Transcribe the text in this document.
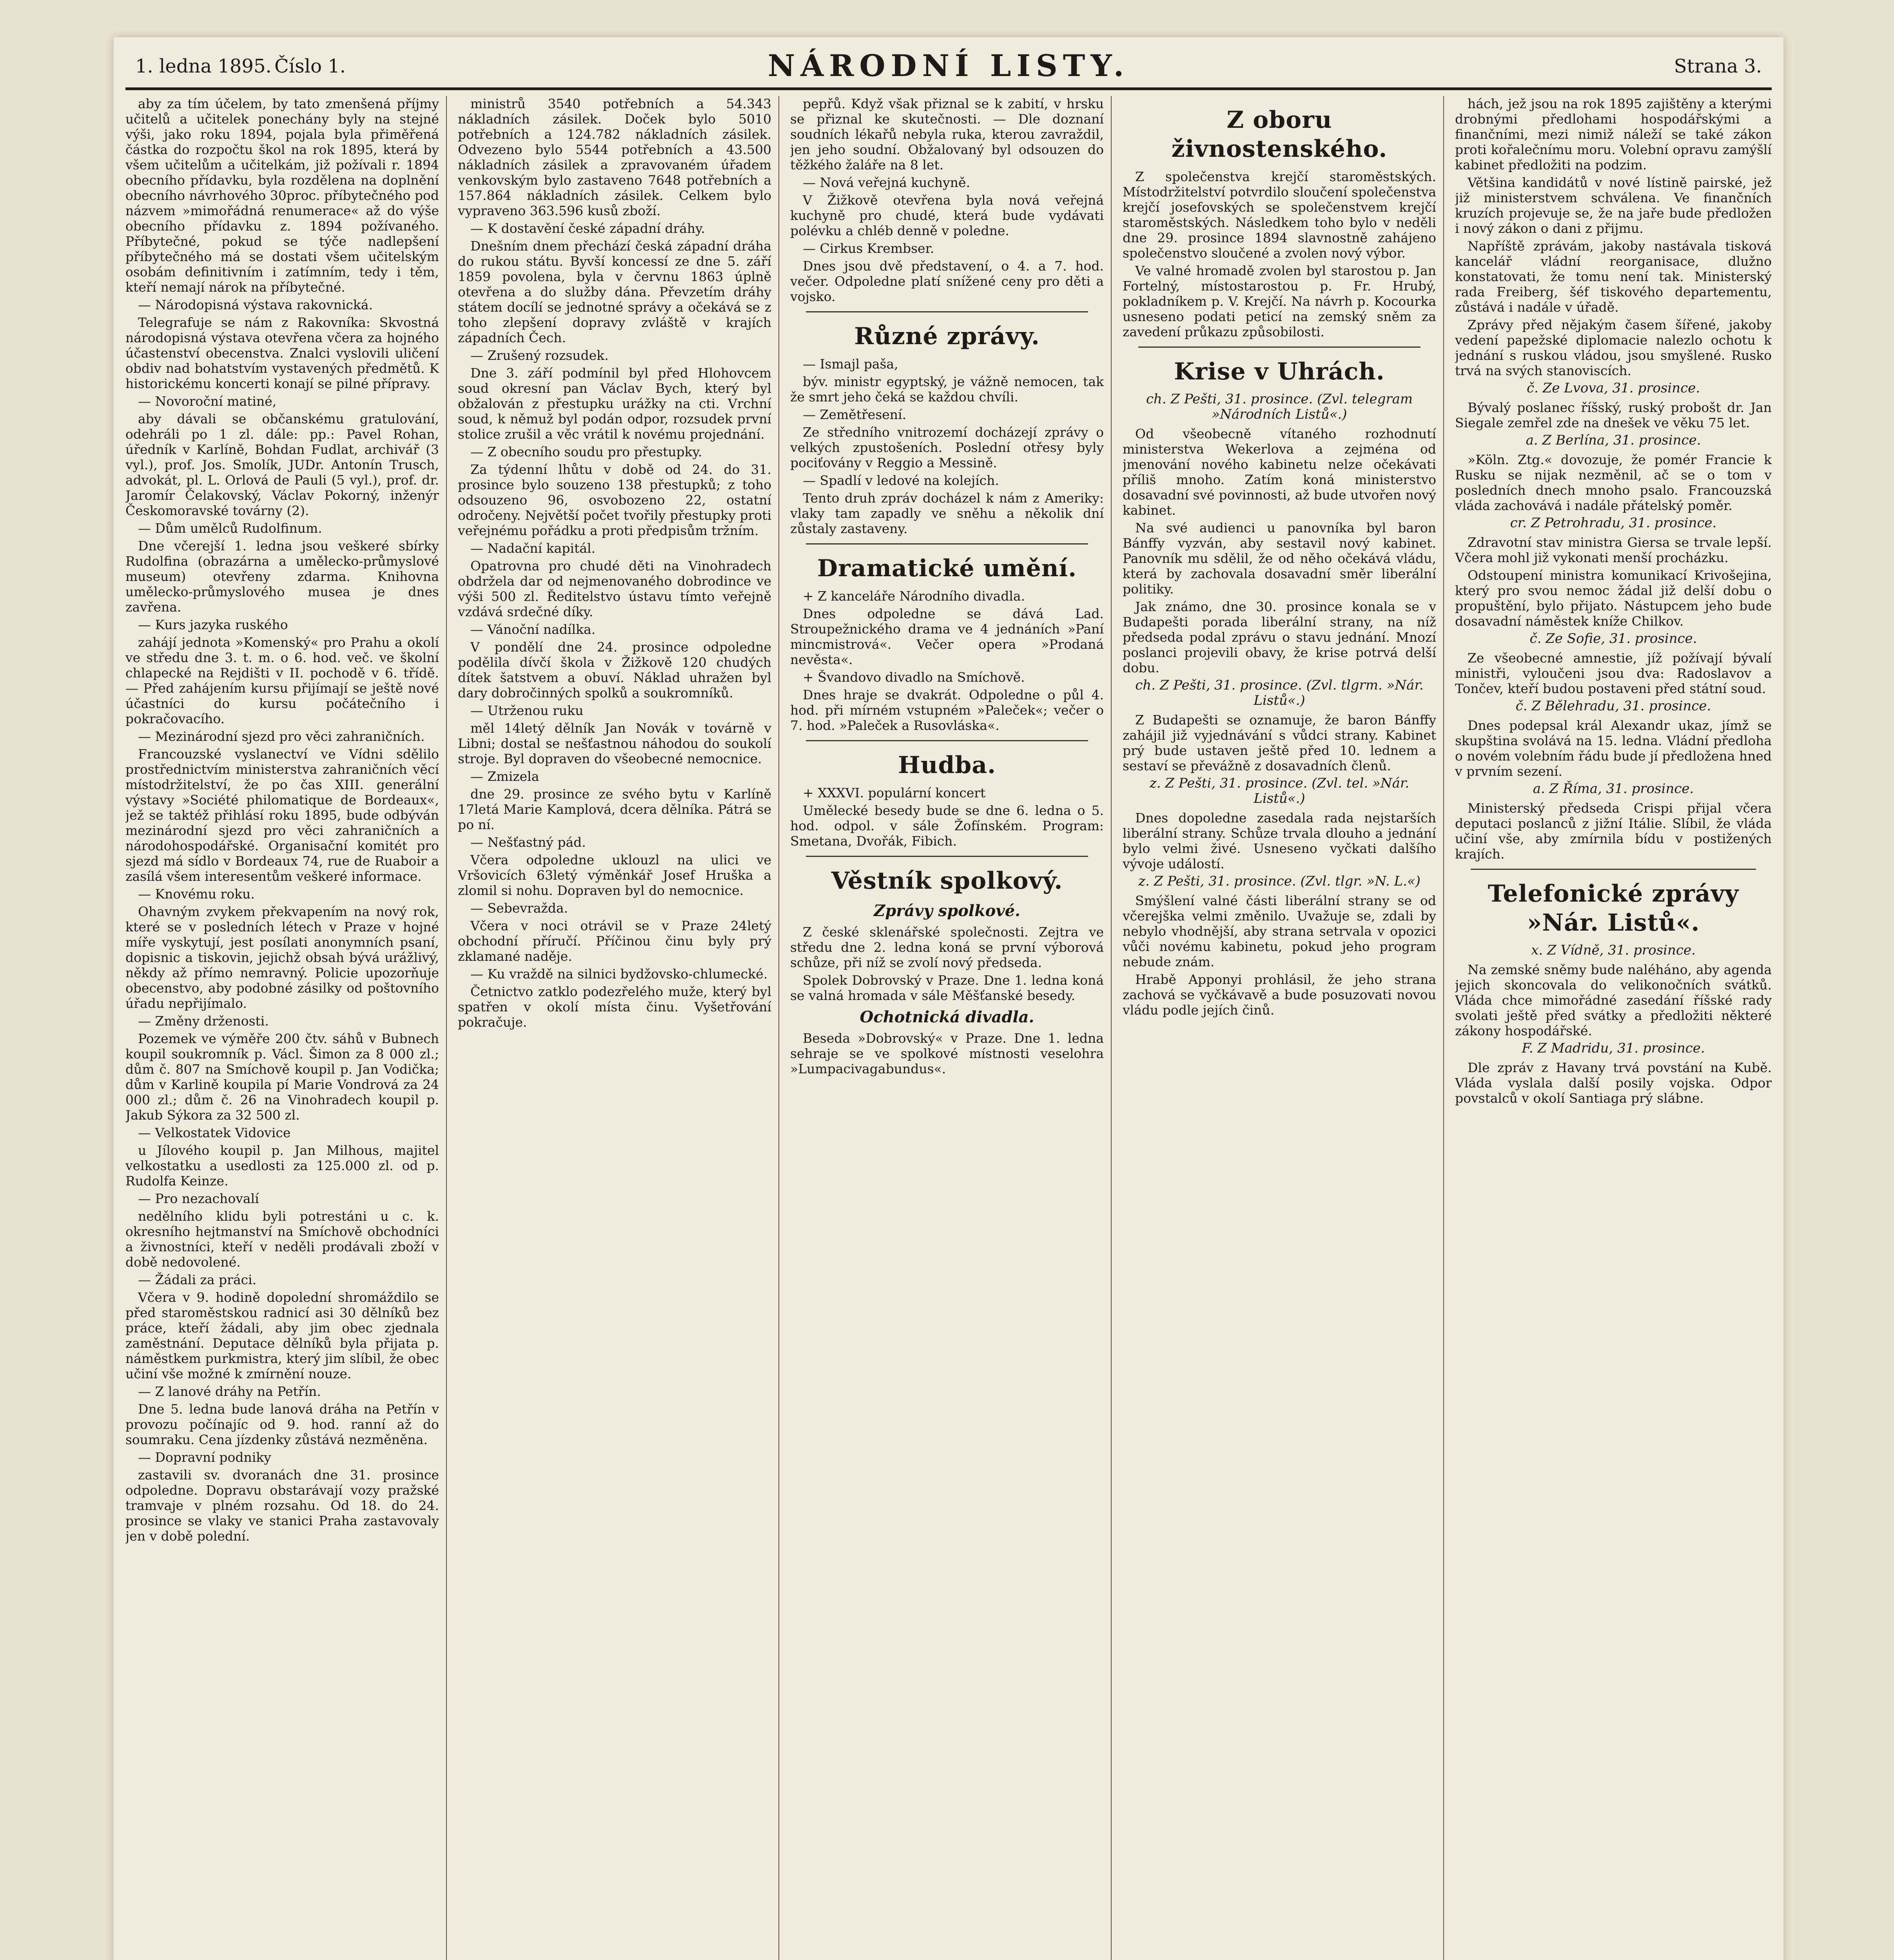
1. ledna 1895. Číslo 1.	NÁRODNÍ LISTY.	Strana 3.

aby za tím účelem, by tato zmenšená příjmy učitelů a učitelek ponechány byly na stejné výši, jako roku 1894, pojala byla přiměřená částka do rozpočtu škol na rok 1895, která by všem učitelům a učitelkám, již požívali r. 1894 obecního přídavku, byla rozdělena na doplnění obecního návrhového 30proc. příbytečného pod názvem »mimořádná renumerace« až do výše obecního přídavku z. 1894 požívaného. Příbytečné, pokud se týče nadlepšení příbytečného má se dostati všem učitelským osobám definitivním i zatímním, tedy i těm, kteří nemají nárok na příbytečné.

— Národopisná výstava rakovnická.

Telegrafuje se nám z Rakovníka: Skvostná národopisná výstava otevřena včera za hojného účastenství obecenstva. Znalci vyslovili uličení obdiv nad bohatstvím vystavených předmětů. K historickému koncerti konají se pilné přípravy.

— Novoroční matiné,

aby dávali se občanskému gratulování, odehráli po 1 zl. dále: pp.: Pavel Rohan, úředník v Karlíně, Bohdan Fudlat, archivář (3 vyl.), prof. Jos. Smolík, JUDr. Antonín Trusch, advokát, pl. L. Orlová de Pauli (5 vyl.), prof. dr. Jaromír Čelakovský, Václav Pokorný, inženýr Českomoravské továrny (2).

— Dům umělců Rudolfinum.

Dne včerejší 1. ledna jsou veškeré sbírky Rudolfina (obrazárna a umělecko-průmyslové museum) otevřeny zdarma. Knihovna umělecko-průmyslového musea je dnes zavřena.

— Kurs jazyka ruského

zahájí jednota »Komenský« pro Prahu a okolí ve středu dne 3. t. m. o 6. hod. več. ve školní chlapecké na Rejdišti v II. pochodě v 6. třídě. — Před zahájením kursu přijímají se ještě nové účastníci do kursu počátečního i pokračovacího.

— Mezinárodní sjezd pro věci zahraničních.

Francouzské vyslanectví ve Vídni sdělilo prostřednictvím ministerstva zahraničních věcí místodržitelství, že po čas XIII. generální výstavy »Société philomatique de Bordeaux«, jež se taktéž přihlásí roku 1895, bude odbýván mezinárodní sjezd pro věci zahraničních a národohospodářské. Organisační komitét pro sjezd má sídlo v Bordeaux 74, rue de Ruaboir a zasílá všem interesentům veškeré informace.

— Knovému roku.

Ohavným zvykem překvapením na nový rok, které se v posledních létech v Praze v hojné míře vyskytují, jest posílati anonymních psaní, dopisnic a tiskovin, jejichž obsah bývá urážlivý, někdy až přímo nemravný. Policie upozorňuje obecenstvo, aby podobné zásilky od poštovního úřadu nepřijímalo.

— Změny drženosti.

Pozemek ve výměře 200 čtv. sáhů v Bubnech koupil soukromník p. Václ. Šimon za 8 000 zl.; dům č. 807 na Smíchově koupil p. Jan Vodička; dům v Karlině koupila pí Marie Vondrová za 24 000 zl.; dům č. 26 na Vinohradech koupil p. Jakub Sýkora za 32 500 zl.

— Velkostatek Vidovice

u Jílového koupil p. Jan Milhous, majitel velkostatku a usedlosti za 125.000 zl. od p. Rudolfa Keinze.

— Pro nezachovalí

nedělního klidu byli potrestáni u c. k. okresního hejtmanství na Smíchově obchodníci a živnostníci, kteří v neděli prodávali zboží v době nedovolené.

— Žádali za práci.

Včera v 9. hodině dopolední shromáždilo se před staroměstskou radnicí asi 30 dělníků bez práce, kteří žádali, aby jim obec zjednala zaměstnání. Deputace dělníků byla přijata p. náměstkem purkmistra, který jim slíbil, že obec učiní vše možné k zmírnění nouze.

— Z lanové dráhy na Petřín.

Dne 5. ledna bude lanová dráha na Petřín v provozu počínajíc od 9. hod. ranní až do soumraku. Cena jízdenky zůstává nezměněna.

— Dopravní podniky

zastavili sv. dvoranách dne 31. prosince odpoledne. Dopravu obstarávají vozy pražské tramvaje v plném rozsahu. Od 18. do 24. prosince se vlaky ve stanici Praha zastavovaly jen v době polední.

ministrů 3540 potřebních a 54.343 nákladních zásilek. Doček bylo 5010 potřebních a 124.782 nákladních zásilek. Odvezeno bylo 5544 potřebních a 43.500 nákladních zásilek a zpravovaném úřadem venkovským bylo zastaveno 7648 potřebních a 157.864 nákladních zásilek. Celkem bylo vypraveno 363.596 kusů zboží.

— K dostavění české západní dráhy.

Dnešním dnem přechází česká západní dráha do rukou státu. Byvší koncessí ze dne 5. září 1859 povolena, byla v červnu 1863 úplně otevřena a do služby dána. Převzetím dráhy státem docílí se jednotné správy a očekává se z toho zlepšení dopravy zvláště v krajích západních Čech.

— Zrušený rozsudek.

Dne 3. září podmínil byl před Hlohovcem soud okresní pan Václav Bych, který byl obžalován z přestupku urážky na cti. Vrchní soud, k němuž byl podán odpor, rozsudek první stolice zrušil a věc vrátil k novému projednání.

— Z obecního soudu pro přestupky.

Za týdenní lhůtu v době od 24. do 31. prosince bylo souzeno 138 přestupků; z toho odsouzeno 96, osvobozeno 22, ostatní odročeny. Největší počet tvořily přestupky proti veřejnému pořádku a proti předpisům tržním.

— Nadační kapitál.

Opatrovna pro chudé děti na Vinohradech obdržela dar od nejmenovaného dobrodince ve výši 500 zl. Ředitelstvo ústavu tímto veřejně vzdává srdečné díky.

— Vánoční nadílka.

V pondělí dne 24. prosince odpoledne podělila dívčí škola v Žižkově 120 chudých dítek šatstvem a obuví. Náklad uhražen byl dary dobročinných spolků a soukromníků.

— Utrženou ruku

měl 14letý dělník Jan Novák v továrně v Libni; dostal se nešťastnou náhodou do soukolí stroje. Byl dopraven do všeobecné nemocnice.

— Zmizela

dne 29. prosince ze svého bytu v Karlíně 17letá Marie Kamplová, dcera dělníka. Pátrá se po ní.

— Nešťastný pád.

Včera odpoledne uklouzl na ulici ve Vršovicích 63letý výměnkář Josef Hruška a zlomil si nohu. Dopraven byl do nemocnice.

— Sebevražda.

Včera v noci otrávil se v Praze 24letý obchodní příručí. Příčinou činu byly prý zklamané naděje.

— Ku vraždě na silnici bydžovsko-chlumecké.

Četnictvo zatklo podezřelého muže, který byl spatřen v okolí místa činu. Vyšetřování pokračuje.

pepřů. Když však přiznal se k zabití, v hrsku se přiznal ke skutečnosti. — Dle doznaní soudních lékařů nebyla ruka, kterou zavraždil, jen jeho soudní. Obžalovaný byl odsouzen do těžkého žaláře na 8 let.

— Nová veřejná kuchyně.

V Žižkově otevřena byla nová veřejná kuchyně pro chudé, která bude vydávati polévku a chléb denně v poledne.

— Cirkus Krembser.

Dnes jsou dvě představení, o 4. a 7. hod. večer. Odpoledne platí snížené ceny pro děti a vojsko.

Různé zprávy.

— Ismajl paša,

býv. ministr egyptský, je vážně nemocen, tak že smrt jeho čeká se každou chvíli.

— Zemětřesení.

Ze středního vnitrozemí docházejí zprávy o velkých zpustošeních. Poslední otřesy byly pociťovány v Reggio a Messině.

— Spadlí v ledové na kolejích.

Tento druh zpráv docházel k nám z Ameriky: vlaky tam zapadly ve sněhu a několik dní zůstaly zastaveny.

Dramatické umění.

+ Z kanceláře Národního divadla.

Dnes odpoledne se dává Lad. Stroupežnického drama ve 4 jednáních »Paní mincmistrová«. Večer opera »Prodaná nevěsta«.

+ Švandovo divadlo na Smíchově.

Dnes hraje se dvakrát. Odpoledne o půl 4. hod. při mírném vstupném »Paleček«; večer o 7. hod. »Paleček a Rusovláska«.

Hudba.

+ XXXVI. populární koncert

Umělecké besedy bude se dne 6. ledna o 5. hod. odpol. v sále Žofínském. Program: Smetana, Dvořák, Fibich.

Věstník spolkový.
Zprávy spolkové.

Z české sklenářské společnosti. Zejtra ve středu dne 2. ledna koná se první výborová schůze, při níž se zvolí nový předseda.

Spolek Dobrovský v Praze. Dne 1. ledna koná se valná hromada v sále Měšťanské besedy.

Ochotnická divadla.

Beseda »Dobrovský« v Praze. Dne 1. ledna sehraje se ve spolkové místnosti veselohra »Lumpacivagabundus«.

Z oboru živnostenského.

Z společenstva krejčí staroměstských. Místodržitelství potvrdilo sloučení společenstva krejčí josefovských se společenstvem krejčí staroměstských. Následkem toho bylo v neděli dne 29. prosince 1894 slavnostně zahájeno společenstvo sloučené a zvolen nový výbor.

Ve valné hromadě zvolen byl starostou p. Jan Fortelný, místostarostou p. Fr. Hrubý, pokladníkem p. V. Krejčí. Na návrh p. Kocourka usneseno podati peticí na zemský sněm za zavedení průkazu způsobilosti.

Krise v Uhrách.
ch. Z Pešti, 31. prosince. (Zvl. telegram »Národních Listů«.)

Od všeobecně vítaného rozhodnutí ministerstva Wekerlova a zejména od jmenování nového kabinetu nelze očekávati příliš mnoho. Zatím koná ministerstvo dosavadní své povinnosti, až bude utvořen nový kabinet.

Na své audienci u panovníka byl baron Bánffy vyzván, aby sestavil nový kabinet. Panovník mu sdělil, že od něho očekává vládu, která by zachovala dosavadní směr liberální politiky.

Jak známo, dne 30. prosince konala se v Budapešti porada liberální strany, na níž předseda podal zprávu o stavu jednání. Mnozí poslanci projevili obavy, že krise potrvá delší dobu.

ch. Z Pešti, 31. prosince. (Zvl. tlgrm. »Nár. Listů«.)

Z Budapešti se oznamuje, že baron Bánffy zahájil již vyjednávání s vůdci strany. Kabinet prý bude ustaven ještě před 10. lednem a sestaví se převážně z dosavadních členů.

z. Z Pešti, 31. prosince. (Zvl. tel. »Nár. Listů«.)

Dnes dopoledne zasedala rada nejstarších liberální strany. Schůze trvala dlouho a jednání bylo velmi živé. Usneseno vyčkati dalšího vývoje událostí.

z. Z Pešti, 31. prosince. (Zvl. tlgr. »N. L.«)

Smýšlení valné části liberální strany se od včerejška velmi změnilo. Uvažuje se, zdali by nebylo vhodnější, aby strana setrvala v opozici vůči novému kabinetu, pokud jeho program nebude znám.

Hrabě Apponyi prohlásil, že jeho strana zachová se vyčkávavě a bude posuzovati novou vládu podle jejích činů.

hách, jež jsou na rok 1895 zajištěny a kterými drobnými předlohami hospodářskými a finančními, mezi nimiž náleží se také zákon proti kořalečnímu moru. Volební opravu zamýšlí kabinet předložiti na podzim.

Většina kandidátů v nové lístině pairské, jež již ministerstvem schválena. Ve finančních kruzích projevuje se, že na jaře bude předložen i nový zákon o dani z přijmu.

Napříště zprávám, jakoby nastávala tisková kancelář vládní reorganisace, dlužno konstatovati, že tomu není tak. Ministerský rada Freiberg, šéf tiskového departementu, zůstává i nadále v úřadě.

Zprávy před nějakým časem šířené, jakoby vedení papežské diplomacie nalezlo ochotu k jednání s ruskou vládou, jsou smyšlené. Rusko trvá na svých stanoviscích.

č. Ze Lvova, 31. prosince.

Bývalý poslanec říšský, ruský probošt dr. Jan Siegale zemřel zde na dnešek ve věku 75 let.

a. Z Berlína, 31. prosince.

»Köln. Ztg.« dovozuje, že pomér Francie k Rusku se nijak nezměnil, ač se o tom v posledních dnech mnoho psalo. Francouzská vláda zachovává i nadále přátelský poměr.

cr. Z Petrohradu, 31. prosince.

Zdravotní stav ministra Giersa se trvale lepší. Včera mohl již vykonati menší procházku.

Odstoupení ministra komunikací Krivošejina, který pro svou nemoc žádal již delší dobu o propuštění, bylo přijato. Nástupcem jeho bude dosavadní náměstek kníže Chilkov.

č. Ze Sofie, 31. prosince.

Ze všeobecné amnestie, jíž požívají bývalí ministři, vyloučeni jsou dva: Radoslavov a Tončev, kteří budou postaveni před státní soud.

č. Z Bělehradu, 31. prosince.

Dnes podepsal král Alexandr ukaz, jímž se skupština svolává na 15. ledna. Vládní předloha o novém volebním řádu bude jí předložena hned v prvním sezení.

a. Z Říma, 31. prosince.

Ministerský předseda Crispi přijal včera deputaci poslanců z jižní Itálie. Slíbil, že vláda učiní vše, aby zmírnila bídu v postižených krajích.

Telefonické zprávy »Nár. Listů«.
x. Z Vídně, 31. prosince.

Na zemské sněmy bude naléháno, aby agenda jejich skoncovala do velikonočních svátků. Vláda chce mimořádné zasedání říšské rady svolati ještě před svátky a předložiti některé zákony hospodářské.

F. Z Madridu, 31. prosince.

Dle zpráv z Havany trvá povstání na Kubě. Vláda vyslala další posily vojska. Odpor povstalců v okolí Santiaga prý slábne.
